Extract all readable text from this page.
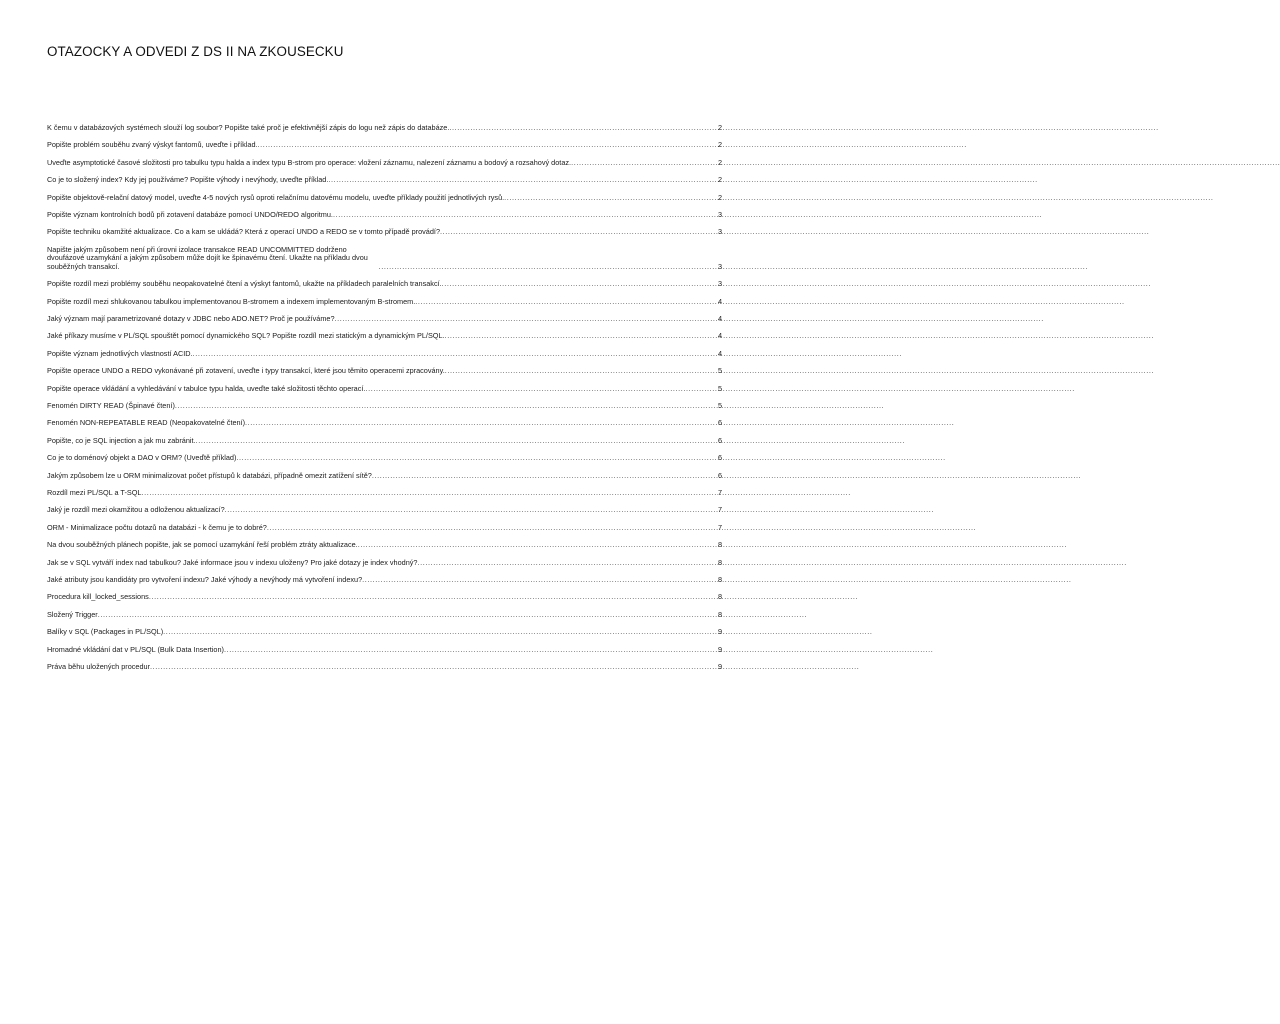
OTAZOCKY A ODVEDI Z DS II NA ZKOUSECKU
K čemu v databázových systémech slouží log soubor? Popište také proč je efektivnější zápis do logu než zápis do databáze. .....	2
Popište problém souběhu zvaný výskyt fantomů, uveďte i příklad. .....	2
Uveďte asymptotické časové složitosti pro tabulku typu halda a index typu B-strom pro operace: vložení záznamu, nalezení záznamu a bodový a rozsahový dotaz. .....	2
Co je to složený index? Kdy jej používáme? Popište výhody i nevýhody, uveďte příklad. .....	2
Popište objektově-relační datový model, uveďte 4-5 nových rysů oproti relačnímu datovému modelu, uveďte příklady použití jednotlivých rysů. .....	2
Popište význam kontrolních bodů při zotavení databáze pomocí UNDO/REDO algoritmu. .....	3
Popište techniku okamžité aktualizace. Co a kam se ukládá? Která z operací UNDO a REDO se v tomto případě provádí? .....	3
Napište jakým způsobem není při úrovni izolace transakce READ UNCOMMITTED dodrženo dvoufázové uzamykání a jakým způsobem může dojít ke špinavému čtení. Ukažte na příkladu dvou souběžných transakcí. .....	3
Popište rozdíl mezi problémy souběhu neopakovatelné čtení a výskyt fantomů, ukažte na příkladech paralelních transakcí. .....	3
Popište rozdíl mezi shlukovanou tabulkou implementovanou B-stromem a indexem implementovaným B-stromem. .....	4
Jaký význam mají parametrizované dotazy v JDBC nebo ADO.NET? Proč je používáme? .....	4
Jaké příkazy musíme v PL/SQL spouštět pomocí dynamického SQL? Popište rozdíl mezi statickým a dynamickým PL/SQL. .....	4
Popište význam jednotlivých vlastností ACID. .....	4
Popište operace UNDO a REDO vykonávané při zotavení, uveďte i typy transakcí, které jsou těmito operacemi zpracovány. .....	5
Popište operace vkládání a vyhledávání v tabulce typu halda, uveďte také složitosti těchto operací. .....	5
Fenomén DIRTY READ (Špinavé čtení) .....	5
Fenomén NON-REPEATABLE READ (Neopakovatelné čtení) .....	6
Popište, co je SQL injection a jak mu zabránit. .....	6
Co je to doménový objekt a DAO v ORM? (Uveďtě příklad) .....	6
Jakým způsobem lze u ORM minimalizovat počet přístupů k databázi, případně omezit zatížení sítě? .....	6
Rozdíl mezi PL/SQL a T-SQL .....	7
Jaký je rozdíl mezi okamžitou a odloženou aktualizací? .....	7
ORM - Minimalizace počtu dotazů na databázi - k čemu je to dobré? .....	7
Na dvou souběžných plánech popište, jak se pomocí uzamykání řeší problém ztráty aktualizace. .....	8
Jak se v SQL vytváří index nad tabulkou? Jaké informace jsou v indexu uloženy? Pro jaké dotazy je index vhodný? .....	8
Jaké atributy jsou kandidáty pro vytvoření indexu? Jaké výhody a nevýhody má vytvoření indexu? .....	8
Procedura kill_locked_sessions .....	8
Složený Trigger .....	8
Balíky v SQL (Packages in PL/SQL) .....	9
Hromadné vkládání dat v PL/SQL (Bulk Data Insertion) .....	9
Práva běhu uložených procedur .....	9
